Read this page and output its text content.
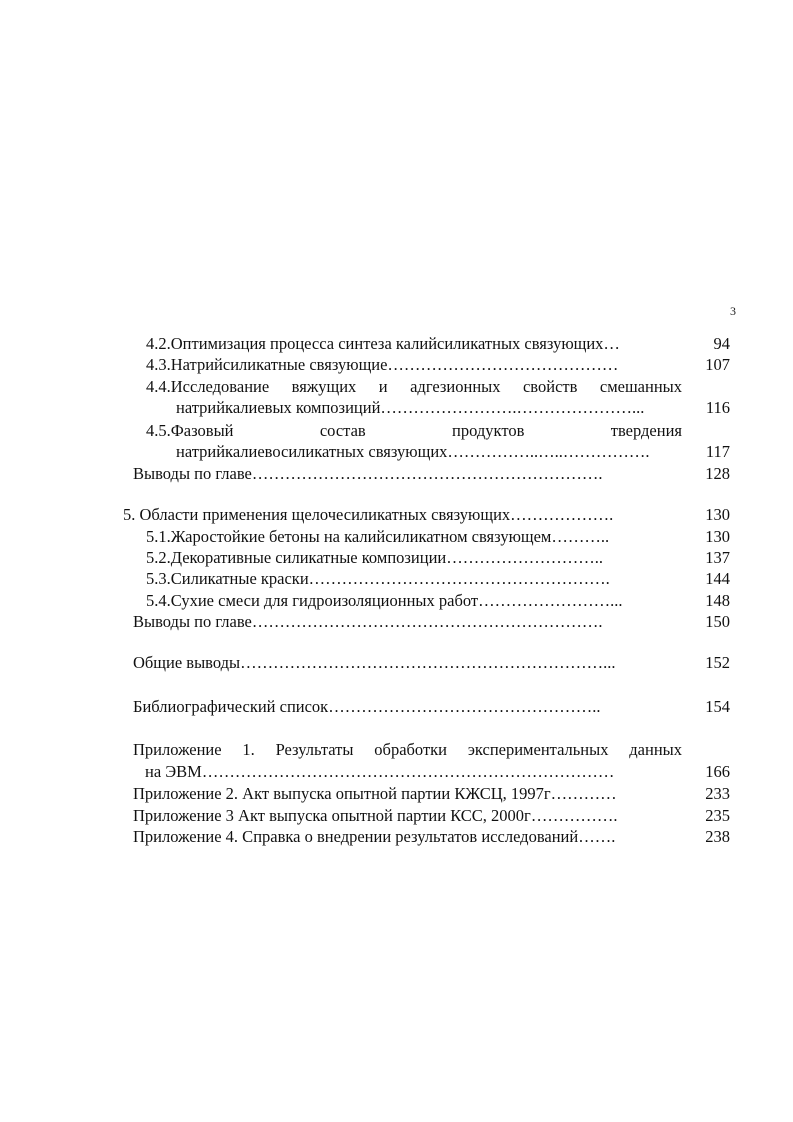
3
4.2.Оптимизация процесса синтеза калийсиликатных связующих…	94
4.3.Натрийсиликатные связующие……………………………………	107
4.4.Исследование вяжущих и адгезионных свойств смешанных
натрийкалиевых композиций…………………….…………………...	116
4.5.Фазовый состав продуктов твердения
натрийкалиевосиликатных связующих……………..…..…………….	117
Выводы по главе……………………………………………………….	128
5. Области применения щелочесиликатных связующих……………….	130
5.1.Жаростойкие бетоны на калийсиликатном связующем………..	130
5.2.Декоративные силикатные композиции………………………..	137
5.3.Силикатные краски……………………………………………….	144
5.4.Сухие смеси для гидроизоляционных работ……………………...	148
Выводы по главе……………………………………………………….	150
Общие выводы…………………………………………………………...	152
Библиографический список…………………………………………..	154
Приложение 1. Результаты обработки экспериментальных данных
на ЭВМ…………………………………………………………………	166
Приложение 2. Акт выпуска опытной партии КЖСЦ, 1997г…………	233
Приложение 3 Акт выпуска опытной партии КСС, 2000г…………….	235
Приложение 4. Справка о внедрении результатов исследований…….	238
